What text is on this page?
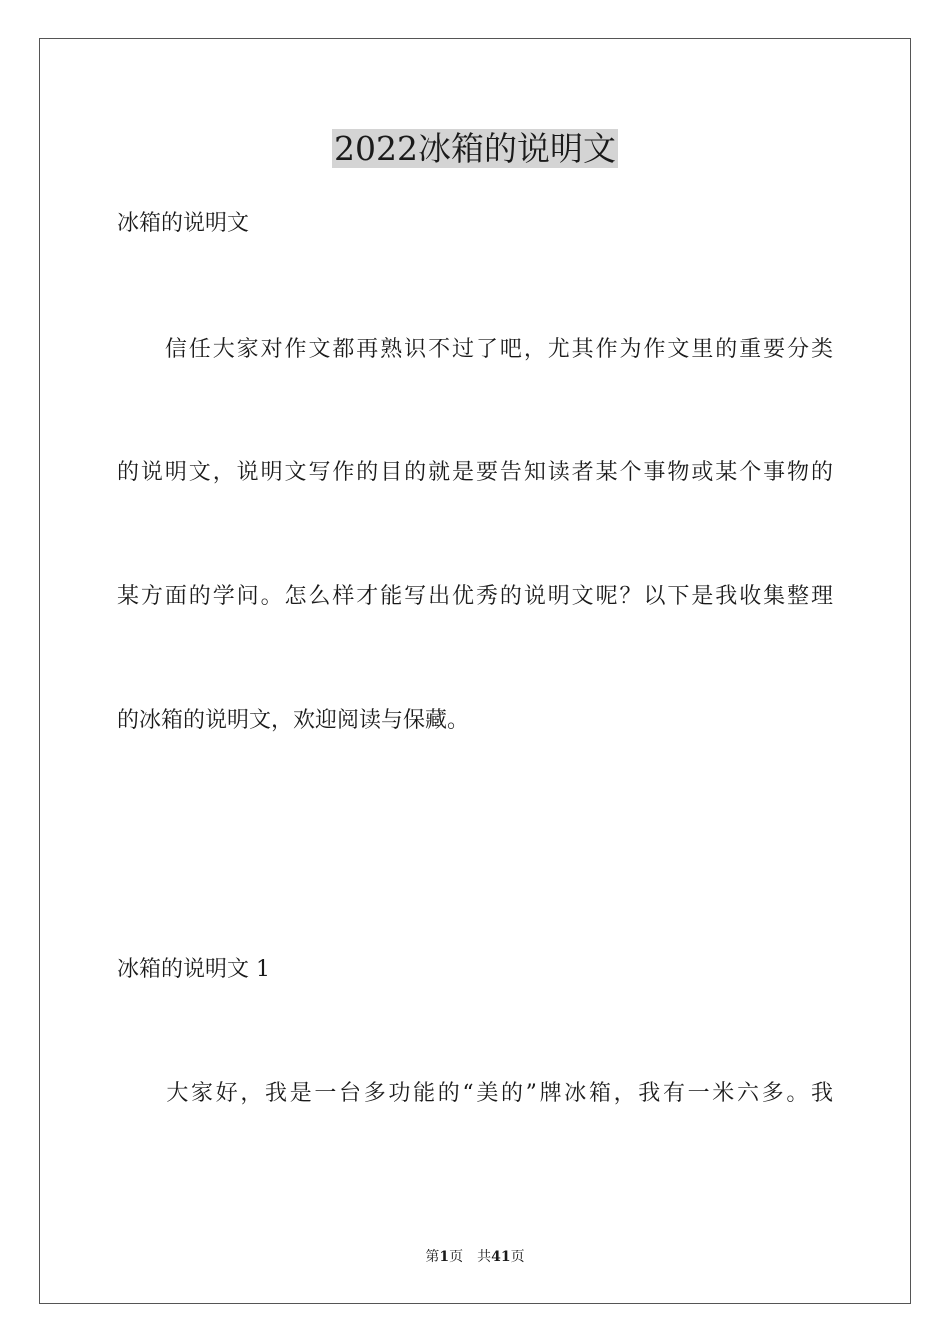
2022冰箱的说明文
冰箱的说明文
　　信任大家对作文都再熟识不过了吧，尤其作为作文里的重要分类
的说明文，说明文写作的目的就是要告知读者某个事物或某个事物的
某方面的学问。怎么样才能写出优秀的说明文呢？以下是我收集整理
的冰箱的说明文，欢迎阅读与保藏。
冰箱的说明文 1
　　大家好，我是一台多功能的“美的”牌冰箱，我有一米六多。我
第1页　共41页
